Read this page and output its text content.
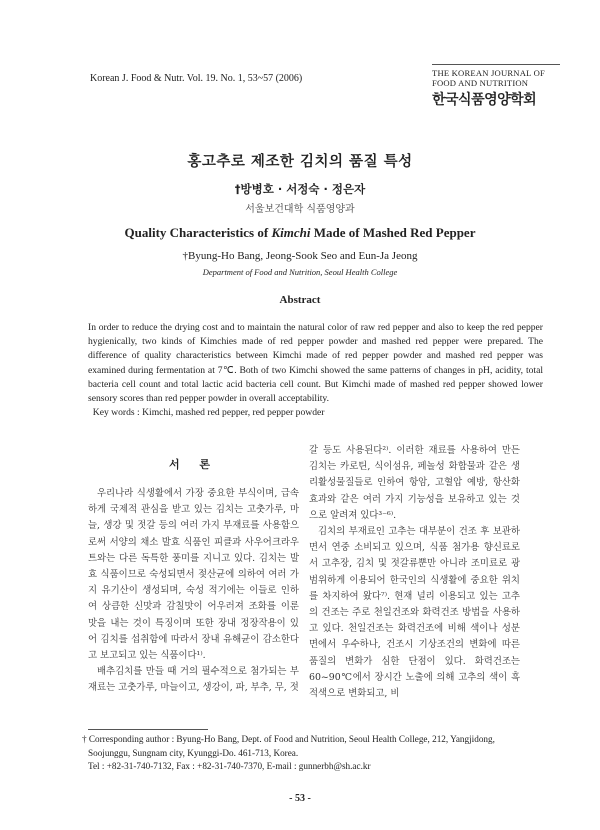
Korean J. Food & Nutr. Vol. 19. No. 1, 53~57 (2006)	THE KOREAN JOURNAL OF
FOOD AND NUTRITION
한국식품영양학회
홍고추로 제조한 김치의 품질 특성
†방병호 · 서정숙 · 정은자
서울보건대학 식품영양과
Quality Characteristics of Kimchi Made of Mashed Red Pepper
†Byung-Ho Bang, Jeong-Sook Seo and Eun-Ja Jeong
Department of Food and Nutrition, Seoul Health College
Abstract

In order to reduce the drying cost and to maintain the natural color of raw red pepper and also to keep the red pepper hygienically, two kinds of Kimchies made of red pepper powder and mashed red pepper were prepared. The difference of quality characteristics between Kimchi made of red pepper powder and mashed red pepper was examined during fermentation at 7℃. Both of two Kimchi showed the same patterns of changes in pH, acidity, total bacteria cell count and total lactic acid bacteria cell count. But Kimchi made of mashed red pepper showed lower sensory scores than red pepper powder in overall acceptability.

Key words : Kimchi, mashed red pepper, red pepper powder

서 론

우리나라 식생활에서 가장 중요한 부식이며, 급속하게 국제적 관심을 받고 있는 김치는 고춧가루, 마늘, 생강 및 젓갈 등의 여러 가지 부재료를 사용함으로써 서양의 채소 발효 식품인 피클과 사우어크라우트와는 다른 독특한 풍미를 지니고 있다. 김치는 발효 식품이므로 숙성되면서 젖산균에 의하여 여러 가지 유기산이 생성되며, 숙성 적기에는 이들로 인하여 상큼한 신맛과 감칠맛이 어우러져 조화를 이룬 맛을 내는 것이 특징이며 또한 장내 정장작용이 있어 김치를 섭취함에 따라서 장내 유해균이 감소한다고 보고되고 있는 식품이다¹⁾.

배추김치를 만들 때 거의 필수적으로 첨가되는 부재료는 고춧가루, 마늘이고, 생강이, 파, 부추, 무, 젓

갈 등도 사용된다²⁾. 이러한 재료를 사용하여 만든 김치는 카로틴, 식이섬유, 페놀성 화합물과 같은 생리활성물질들로 인하여 항암, 고혈압 예방, 항산화 효과와 같은 여러 가지 기능성을 보유하고 있는 것으로 알려져 있다³⁻⁶⁾.

김치의 부재료인 고추는 대부분이 건조 후 보관하면서 연중 소비되고 있으며, 식품 첨가용 향신료로서 고추장, 김치 및 젓갈류뿐만 아니라 조미료로 광범위하게 이용되어 한국인의 식생활에 중요한 위치를 차지하여 왔다⁷⁾. 현재 널리 이용되고 있는 고추의 건조는 주로 천일건조와 화력건조 방법을 사용하고 있다. 천일건조는 화력건조에 비해 색이나 성분 면에서 우수하나, 건조시 기상조건의 변화에 따른 품질의 변화가 심한 단점이 있다. 화력건조는 60~90℃에서 장시간 노출에 의해 고추의 색이 흑적색으로 변화되고, 비

† Corresponding author : Byung-Ho Bang, Dept. of Food and Nutrition, Seoul Health College, 212, Yangjidong,
Soojunggu, Sungnam city, Kyunggi-Do. 461-713, Korea.
Tel : +82-31-740-7132, Fax : +82-31-740-7370, E-mail : gunnerbh@sh.ac.kr
- 53 -
